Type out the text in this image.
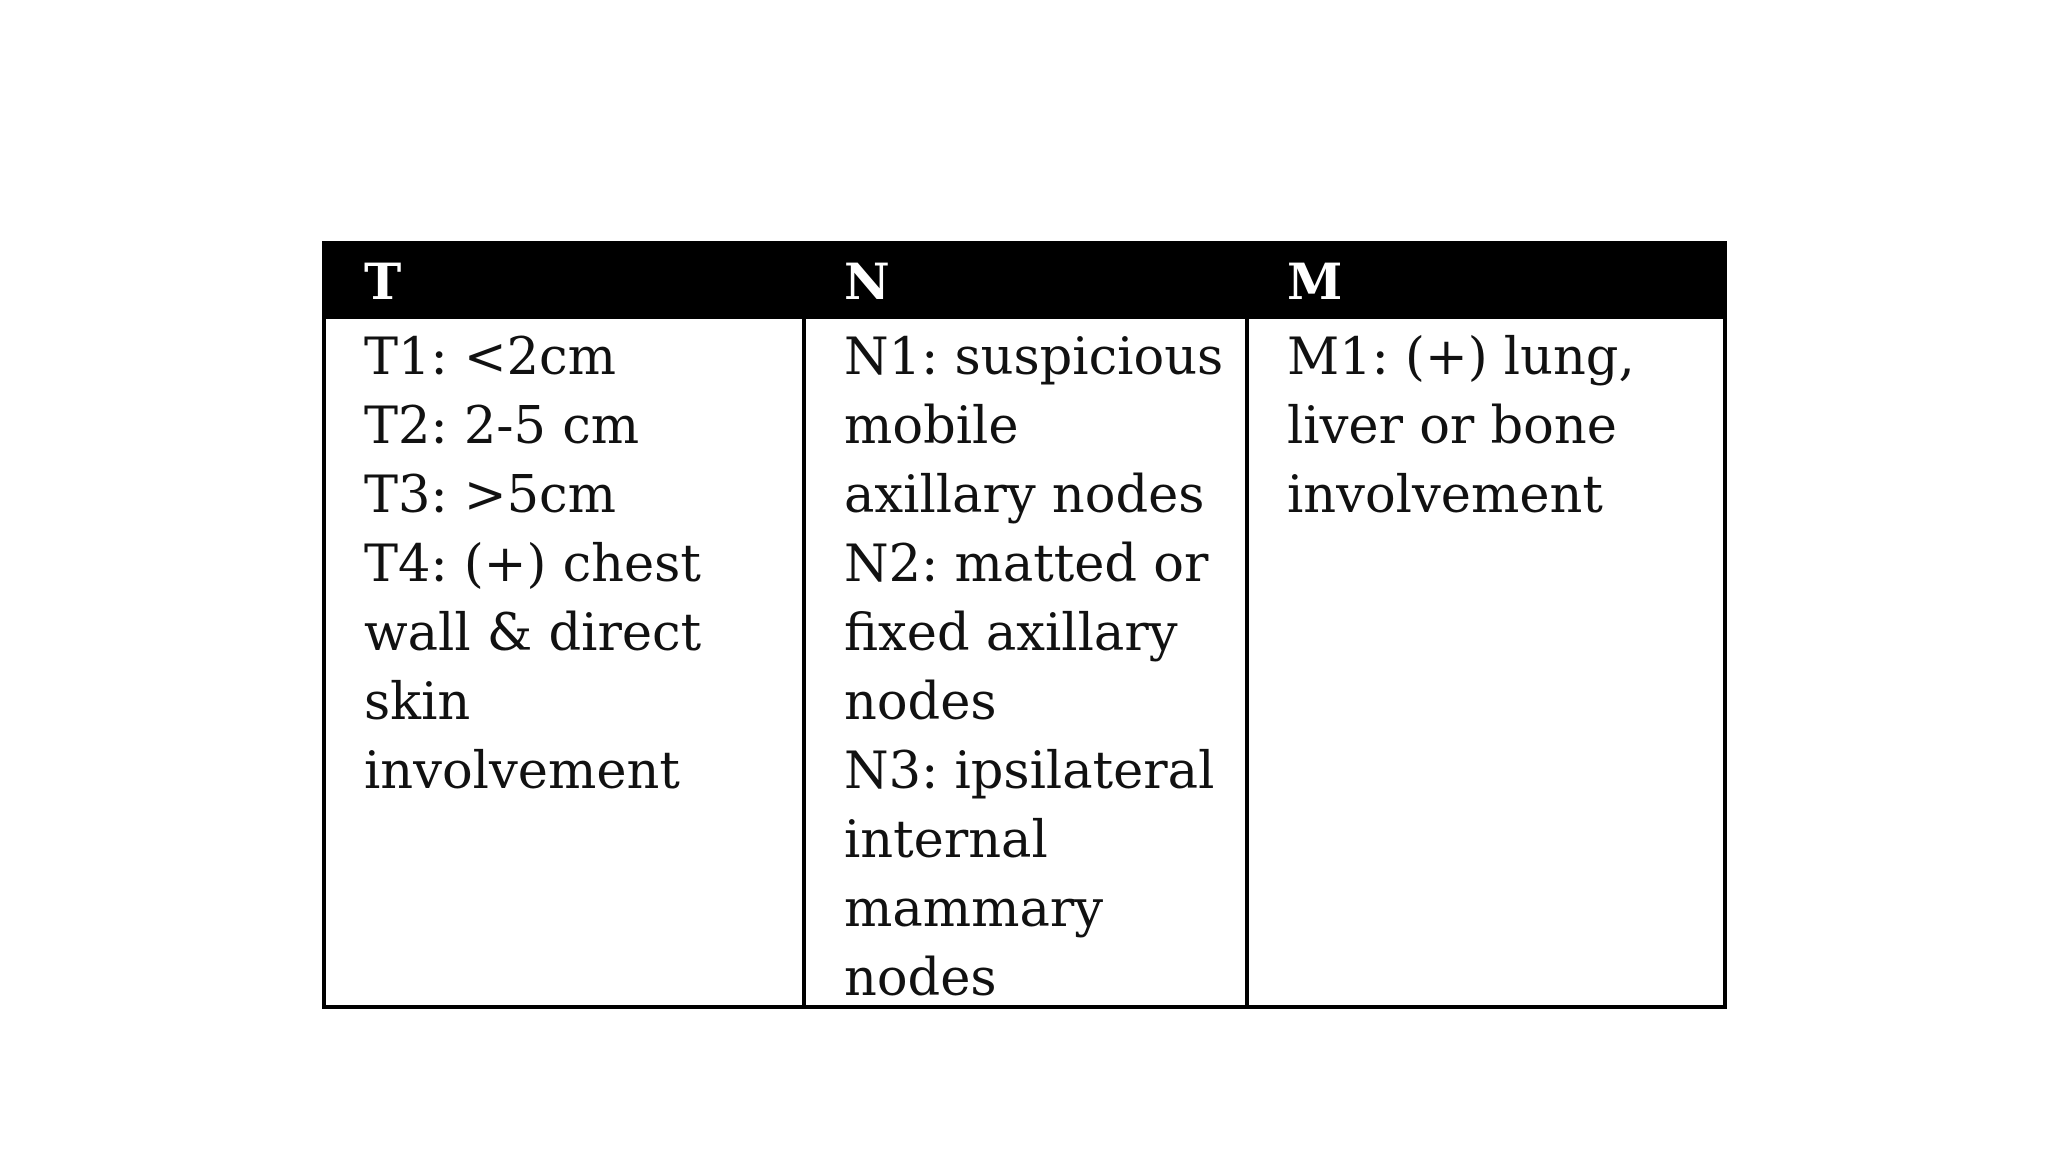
T	N	M
T1: <2cm
T2: 2-5 cm
T3: >5cm
T4: (+) chest
wall & direct
skin
involvement
N1: suspicious
mobile
axillary nodes
N2: matted or
fixed axillary
nodes
N3: ipsilateral
internal
mammary
nodes
M1: (+) lung,
liver or bone
involvement
